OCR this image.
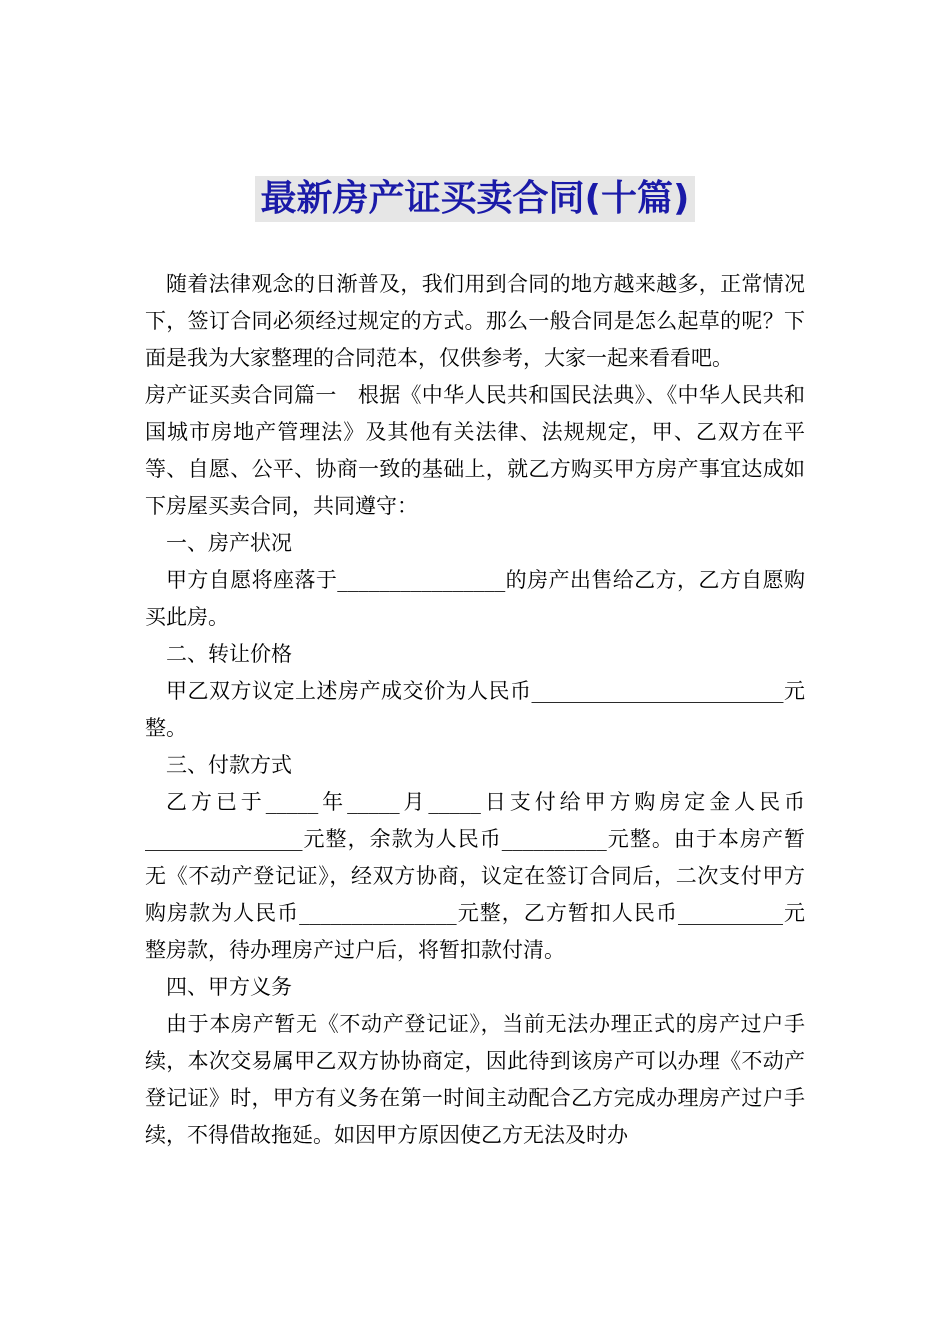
最新房产证买卖合同(十篇)

随着法律观念的日渐普及，我们用到合同的地方越来越多，正常情况下，签订合同必须经过规定的方式。那么一般合同是怎么起草的呢？下面是我为大家整理的合同范本，仅供参考，大家一起来看看吧。

房产证买卖合同篇一　根据《中华人民共和国民法典》、《中华人民共和国城市房地产管理法》及其他有关法律、法规规定，甲、乙双方在平等、自愿、公平、协商一致的基础上，就乙方购买甲方房产事宜达成如下房屋买卖合同，共同遵守：

一、房产状况

甲方自愿将座落于________________的房产出售给乙方，乙方自愿购买此房。

二、转让价格

甲乙双方议定上述房产成交价为人民币________________________元整。

三、付款方式

乙方已于_____年_____月_____日支付给甲方购房定金人民币_______________元整，余款为人民币__________元整。由于本房产暂无《不动产登记证》，经双方协商，议定在签订合同后，二次支付甲方购房款为人民币_______________元整，乙方暂扣人民币__________元整房款，待办理房产过户后，将暂扣款付清。

四、甲方义务

由于本房产暂无《不动产登记证》，当前无法办理正式的房产过户手续，本次交易属甲乙双方协协商定，因此待到该房产可以办理《不动产登记证》时，甲方有义务在第一时间主动配合乙方完成办理房产过户手续，不得借故拖延。如因甲方原因使乙方无法及时办
